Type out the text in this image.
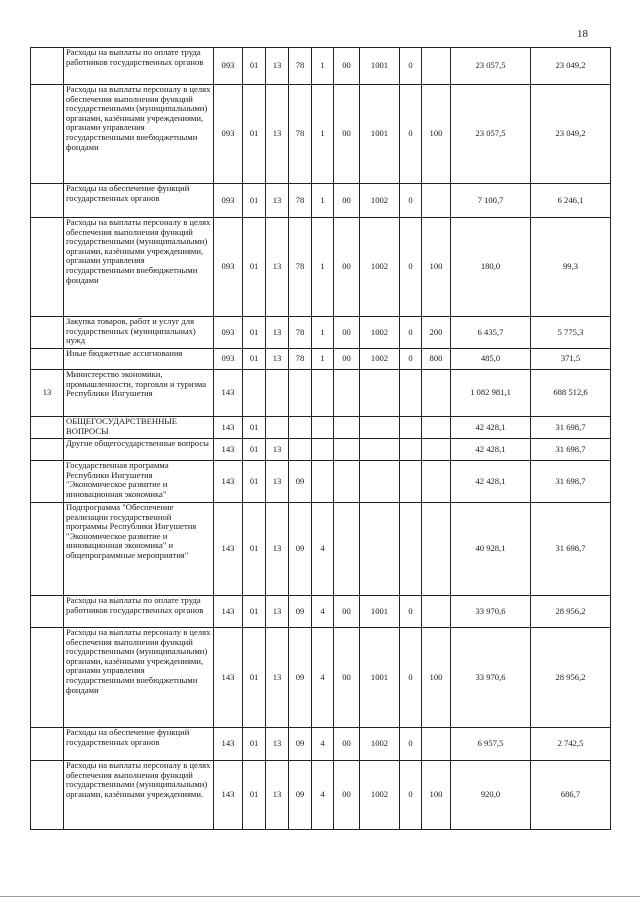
18
	Расходы на выплаты по оплате труда работников государственных органов	093	01	13	78	1	00	1001	0		23 057,5	23 049,2
	Расходы на выплаты персоналу в целях обеспечения выполнения функций государственными (муниципальными) органами, казёнными учреждениями, органами управления государственными внебюджетными фондами	093	01	13	78	1	00	1001	0	100	23 057,5	23 049,2
	Расходы на обеспечение функций государственных органов	093	01	13	78	1	00	1002	0		7 100,7	6 246,1
	Расходы на выплаты персоналу в целях обеспечения выполнения функций государственными (муниципальными) органами, казёнными учреждениями, органами управления государственными внебюджетными фондами	093	01	13	78	1	00	1002	0	100	180,0	99,3
	Закупка товаров, работ и услуг для государственных (муниципальных) нужд	093	01	13	78	1	00	1002	0	200	6 435,7	5 775,3
	Иные бюджетные ассигнования	093	01	13	78	1	00	1002	0	800	485,0	371,5
13	Министерство экономики, промышленности, торговли и туризма Республики Ингушетия	143									1 082 981,1	688 512,6
	ОБЩЕГОСУДАРСТВЕННЫЕ ВОПРОСЫ	143	01								42 428,1	31 698,7
	Другие общегосударственные вопросы	143	01	13							42 428,1	31 698,7
	Государственная программа Республики Ингушетия "Экономическое развитие и инновационная экономика"	143	01	13	09						42 428,1	31 698,7
	Подпрограмма "Обеспечение реализации государственной программы Республики Ингушетия "Экономическое развитие и инновационная экономика" и общепрограммные мероприятия"	143	01	13	09	4					40 928,1	31 698,7
	Расходы на выплаты по оплате труда работников государственных органов	143	01	13	09	4	00	1001	0		33 970,6	28 956,2
	Расходы на выплаты персоналу в целях обеспечения выполнения функций государственными (муниципальными) органами, казёнными учреждениями, органами управления государственными внебюджетными фондами	143	01	13	09	4	00	1001	0	100	33 970,6	28 956,2
	Расходы на обеспечение функций государственных органов	143	01	13	09	4	00	1002	0		6 957,5	2 742,5
	Расходы на выплаты персоналу в целях обеспечения выполнения функций государственными (муниципальными) органами, казёнными учреждениями.	143	01	13	09	4	00	1002	0	100	920,0	686,7
